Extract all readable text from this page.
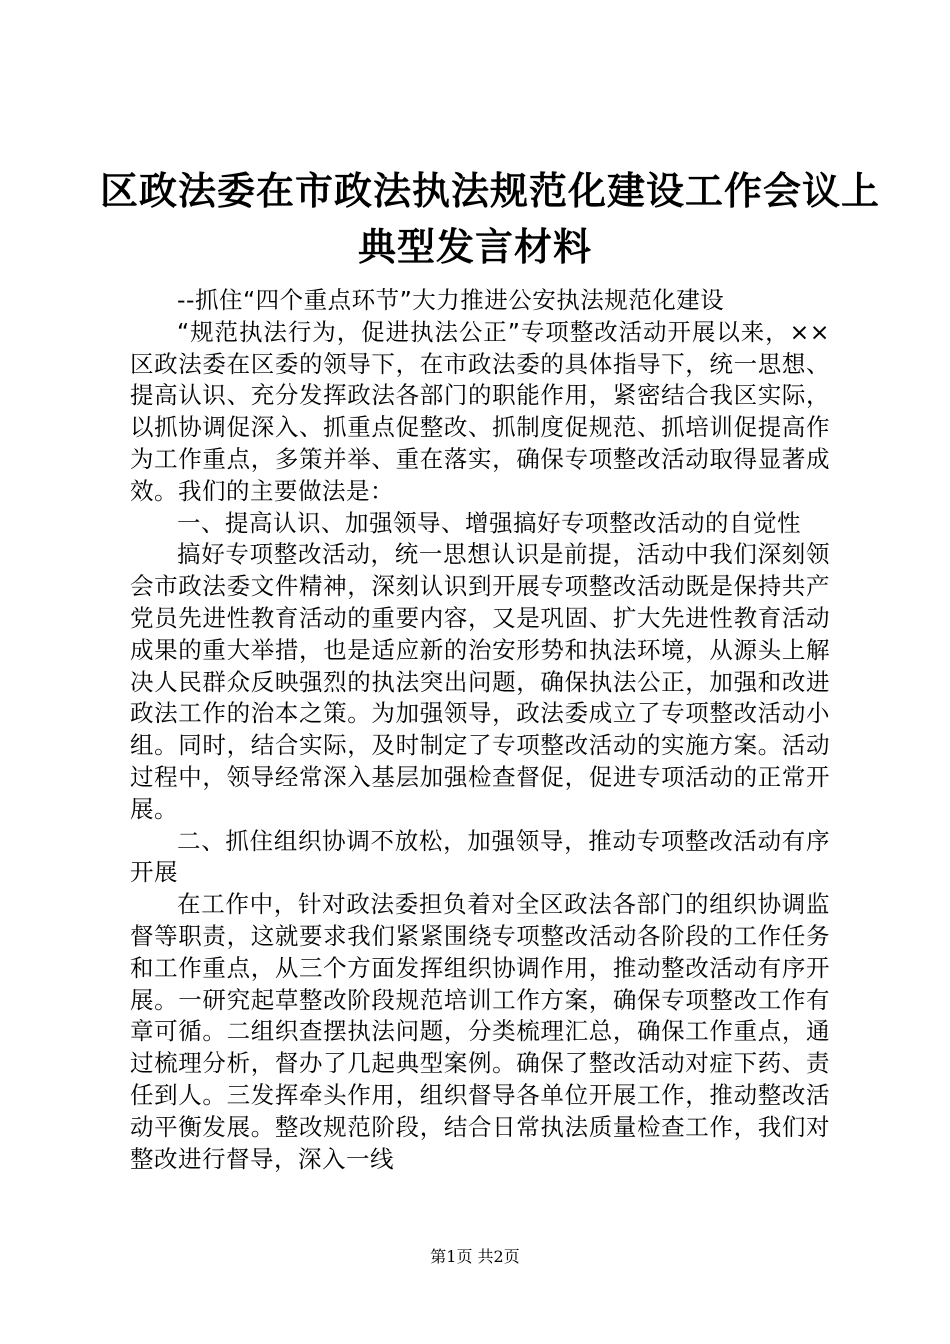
区政法委在市政法执法规范化建设工作会议上
典型发言材料

--抓住“四个重点环节”大力推进公安执法规范化建设

“规范执法行为，促进执法公正”专项整改活动开展以来，××区政法委在区委的领导下，在市政法委的具体指导下，统一思想、提高认识、充分发挥政法各部门的职能作用，紧密结合我区实际，以抓协调促深入、抓重点促整改、抓制度促规范、抓培训促提高作为工作重点，多策并举、重在落实，确保专项整改活动取得显著成效。我们的主要做法是：

一、提高认识、加强领导、增强搞好专项整改活动的自觉性

搞好专项整改活动，统一思想认识是前提，活动中我们深刻领会市政法委文件精神，深刻认识到开展专项整改活动既是保持共产党员先进性教育活动的重要内容，又是巩固、扩大先进性教育活动成果的重大举措，也是适应新的治安形势和执法环境，从源头上解决人民群众反映强烈的执法突出问题，确保执法公正，加强和改进政法工作的治本之策。为加强领导，政法委成立了专项整改活动小组。同时，结合实际，及时制定了专项整改活动的实施方案。活动过程中，领导经常深入基层加强检查督促，促进专项活动的正常开展。

二、抓住组织协调不放松，加强领导，推动专项整改活动有序开展

在工作中，针对政法委担负着对全区政法各部门的组织协调监督等职责，这就要求我们紧紧围绕专项整改活动各阶段的工作任务和工作重点，从三个方面发挥组织协调作用，推动整改活动有序开展。一研究起草整改阶段规范培训工作方案，确保专项整改工作有章可循。二组织查摆执法问题，分类梳理汇总，确保工作重点，通过梳理分析，督办了几起典型案例。确保了整改活动对症下药、责任到人。三发挥牵头作用，组织督导各单位开展工作，推动整改活动平衡发展。整改规范阶段，结合日常执法质量检查工作，我们对整改进行督导，深入一线

第1页 共2页
